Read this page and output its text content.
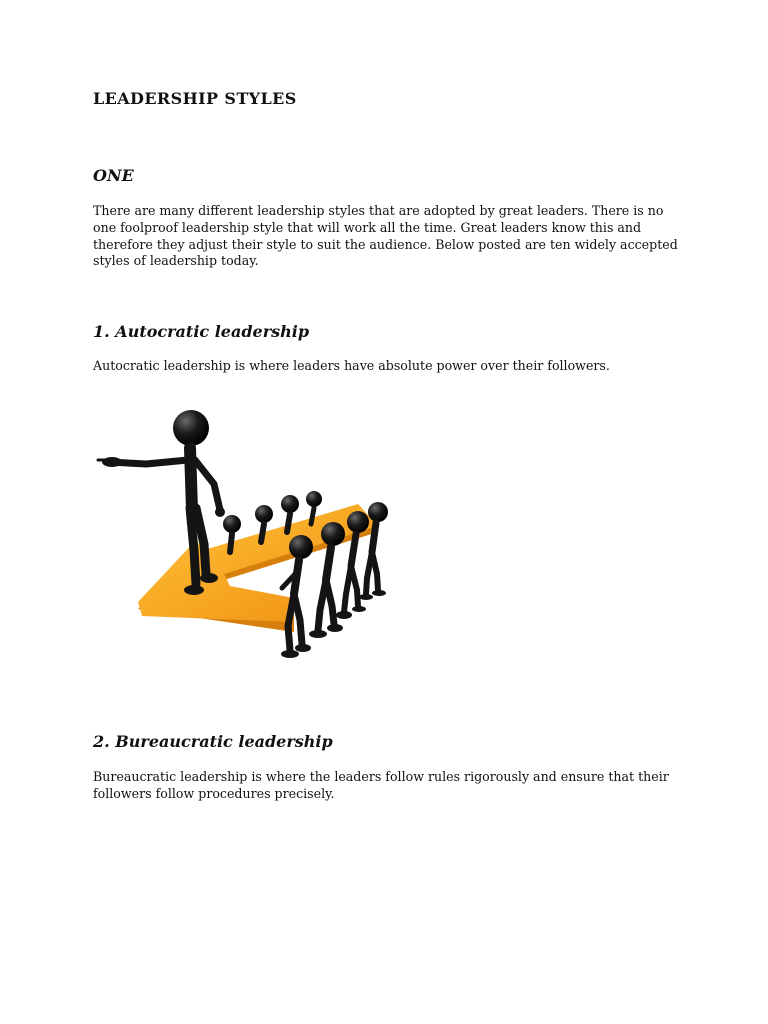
LEADERSHIP STYLES
ONE

There are many different leadership styles that are adopted by great leaders. There is no one foolproof leadership style that will work all the time. Great leaders know this and therefore they adjust their style to suit the audience. Below posted are ten widely accepted styles of leadership today.

1. Autocratic leadership

Autocratic leadership is where leaders have absolute power over their followers.

2. Bureaucratic leadership

Bureaucratic leadership is where the leaders follow rules rigorously and ensure that their followers follow procedures precisely.
